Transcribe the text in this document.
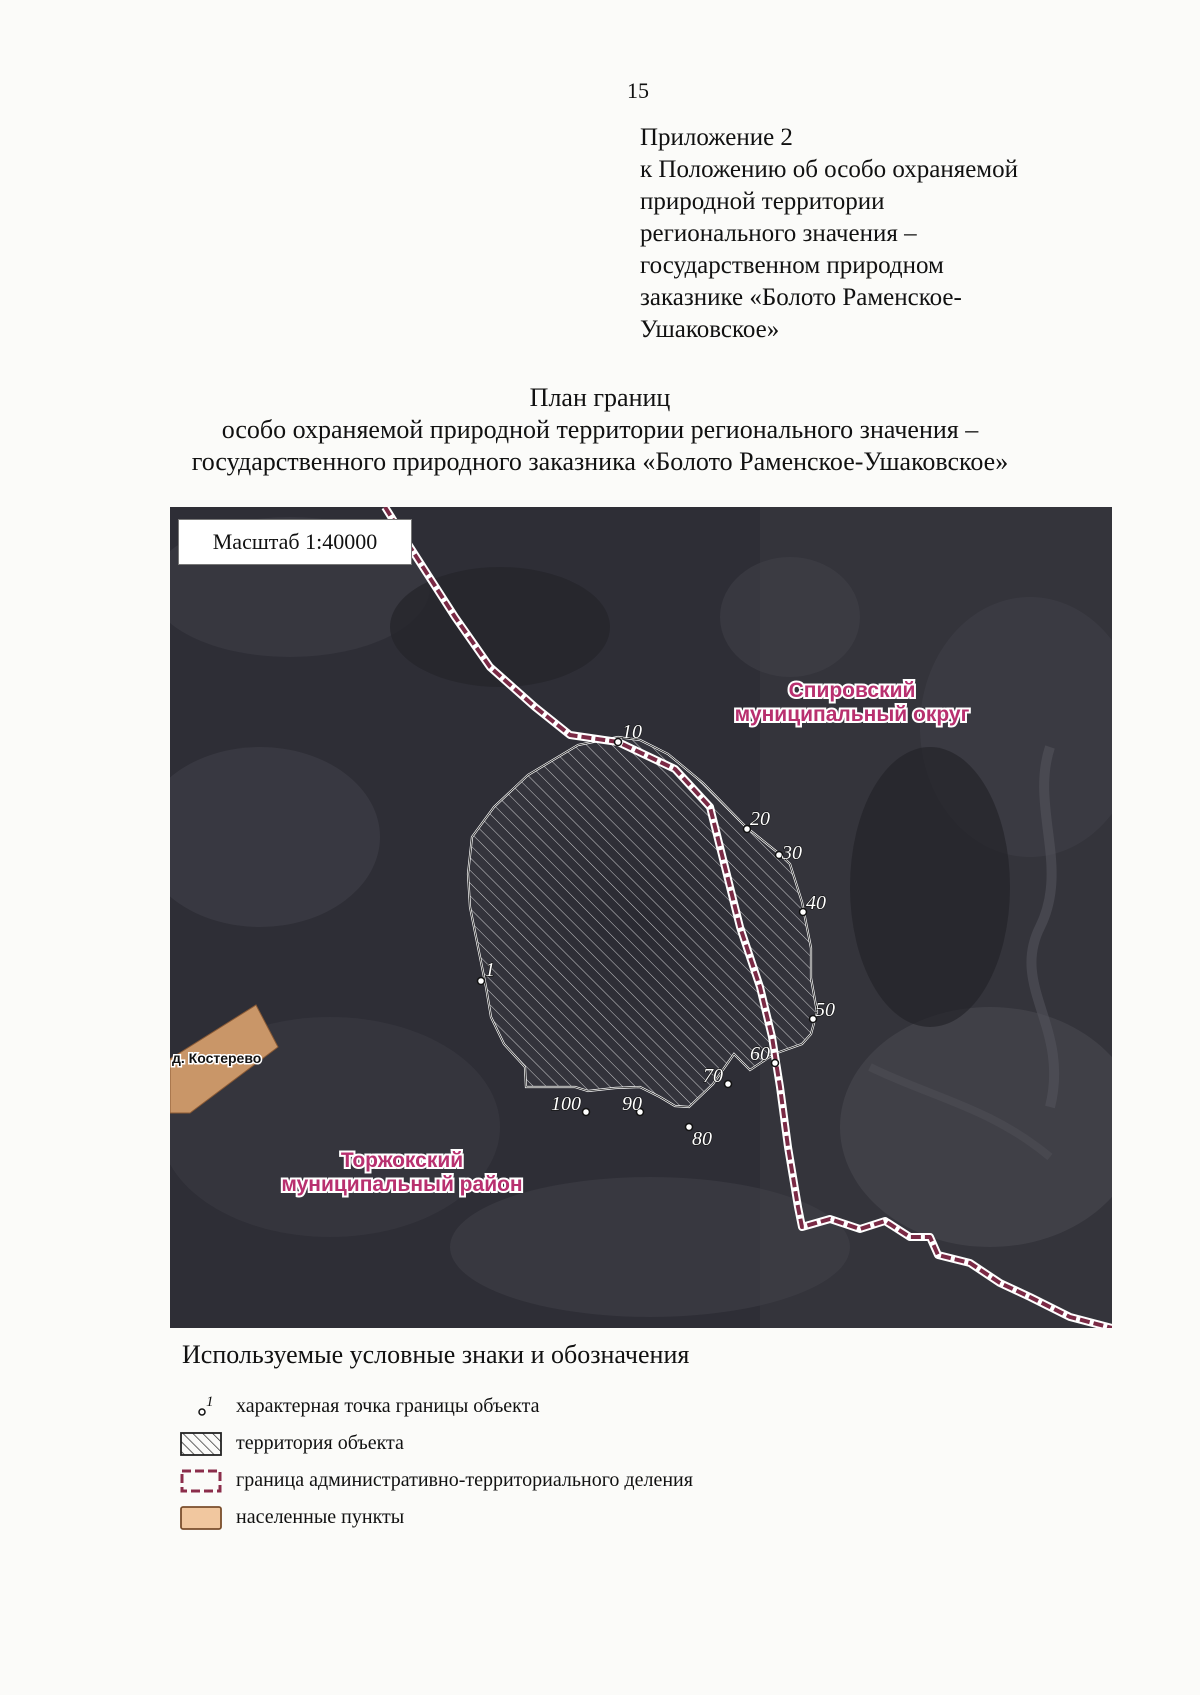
15
Приложение 2
к Положению об особо охраняемой
природной территории
регионального значения –
государственном природном
заказнике «Болото Раменское-
Ушаковское»
План границ
особо охраняемой природной территории регионального значения –
государственного природного заказника «Болото Раменское-Ушаковское»
д. Костерево
1
10
20
30
40
50
60
70
80
90
100
Спировский
муниципальный округ
Торжокский
муниципальный район
Масштаб 1:40000
Используемые условные знаки и обозначения
1 характерная точка границы объекта
территория объекта
граница административно-территориального деления
населенные пункты
